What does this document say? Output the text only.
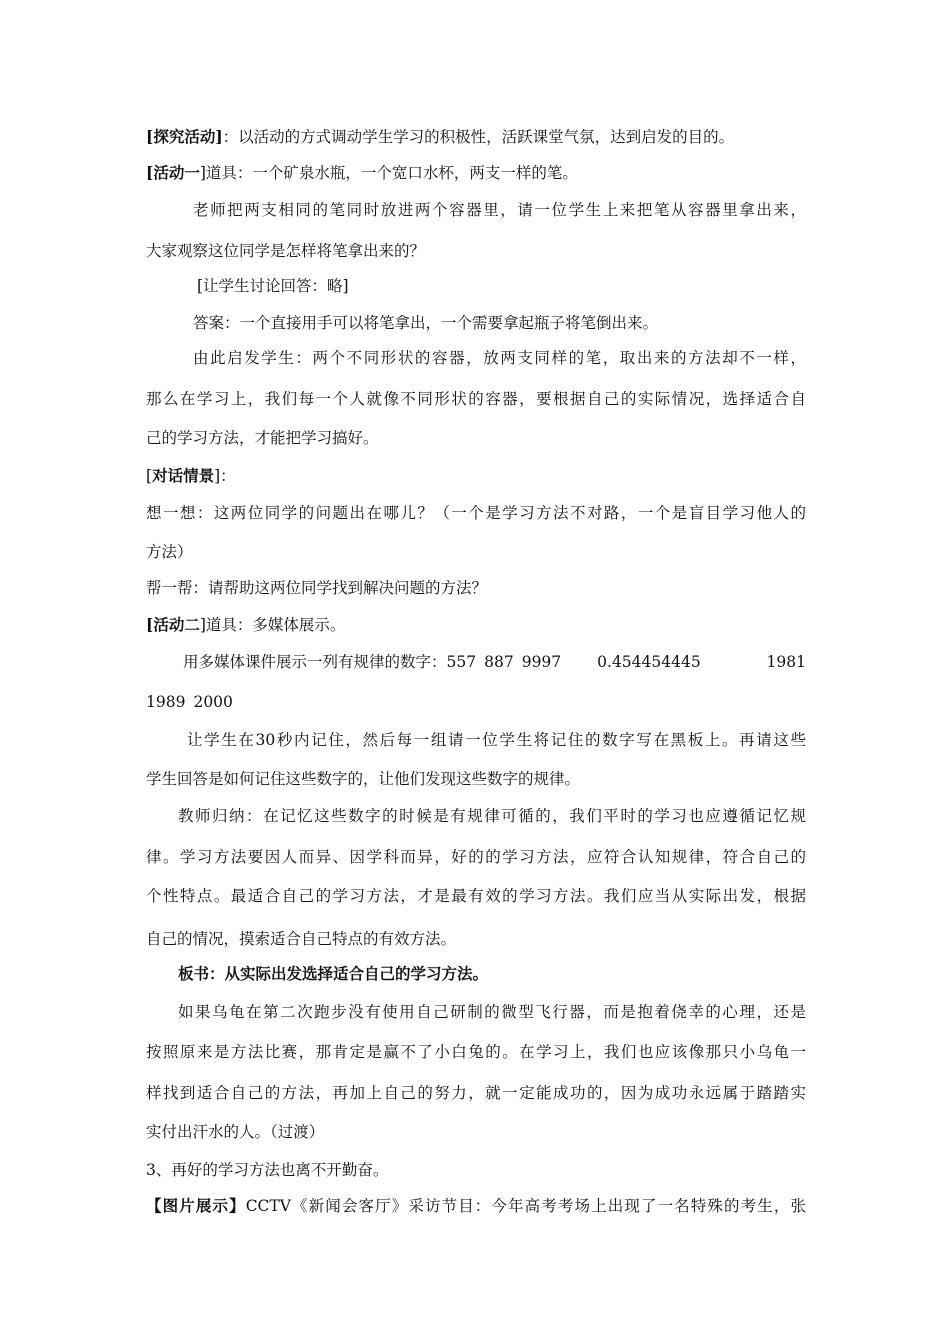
[探究活动]：以活动的方式调动学生学习的积极性，活跃课堂气氛，达到启发的目的。
[活动一]道具：一个矿泉水瓶，一个宽口水杯，两支一样的笔。
老师把两支相同的笔同时放进两个容器里，请一位学生上来把笔从容器里拿出来，
大家观察这位同学是怎样将笔拿出来的？
[让学生讨论回答：略]
答案：一个直接用手可以将笔拿出，一个需要拿起瓶子将笔倒出来。
由此启发学生：两个不同形状的容器，放两支同样的笔，取出来的方法却不一样，
那么在学习上，我们每一个人就像不同形状的容器，要根据自己的实际情况，选择适合自
己的学习方法，才能把学习搞好。
[对话情景]：
想一想：这两位同学的问题出在哪儿？（一个是学习方法不对路，一个是盲目学习他人的
方法）
帮一帮：请帮助这两位同学找到解决问题的方法？
[活动二]道具：多媒体展示。
用多媒体课件展示一列有规律的数字：557 887 9997 0.454454445	1981
1989 2000
让学生在30秒内记住，然后每一组请一位学生将记住的数字写在黑板上。再请这些
学生回答是如何记住这些数字的，让他们发现这些数字的规律。
教师归纳：在记忆这些数字的时候是有规律可循的，我们平时的学习也应遵循记忆规
律。学习方法要因人而异、因学科而异，好的的学习方法，应符合认知规律，符合自己的
个性特点。最适合自己的学习方法，才是最有效的学习方法。我们应当从实际出发，根据
自己的情况，摸索适合自己特点的有效方法。
板书：从实际出发选择适合自己的学习方法。
如果乌龟在第二次跑步没有使用自己研制的微型飞行器，而是抱着侥幸的心理，还是
按照原来是方法比赛，那肯定是赢不了小白兔的。在学习上，我们也应该像那只小乌龟一
样找到适合自己的方法，再加上自己的努力，就一定能成功的，因为成功永远属于踏踏实
实付出汗水的人。（过渡）
3、再好的学习方法也离不开勤奋。
【图片展示】CCTV《新闻会客厅》采访节目：今年高考考场上出现了一名特殊的考生，张
